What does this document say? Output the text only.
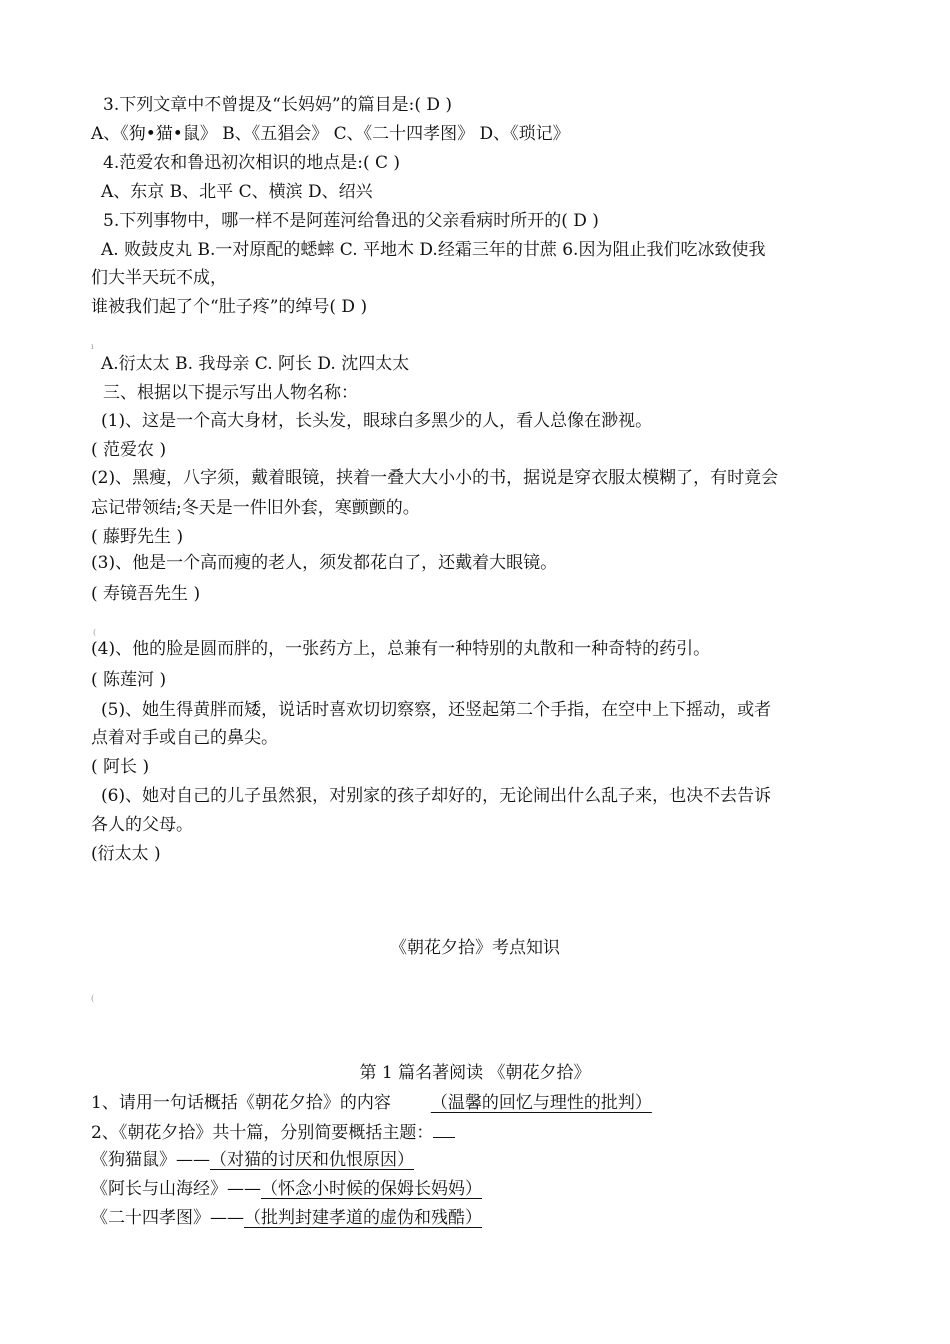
3.下列文章中不曾提及“长妈妈”的篇目是:( D )
A、《狗•猫•鼠》 B、《五猖会》 C、《二十四孝图》 D、《琐记》
4.范爱农和鲁迅初次相识的地点是:( C )
A、东京 B、北平 C、横滨 D、绍兴
5.下列事物中，哪一样不是阿莲河给鲁迅的父亲看病时所开的( D )
A. 败鼓皮丸 B.一对原配的蟋蟀 C. 平地木 D.经霜三年的甘蔗 6.因为阻止我们吃冰致使我
们大半天玩不成，
谁被我们起了个“肚子疼”的绰号( D )
ı
A.衍太太 B. 我母亲 C. 阿长 D. 沈四太太
三、根据以下提示写出人物名称：
(1)、这是一个高大身材，长头发，眼球白多黑少的人，看人总像在渺视。
( 范爱农 )
(2)、黑瘦，八字须，戴着眼镜，挟着一叠大大小小的书，据说是穿衣服太模糊了，有时竟会
忘记带领结;冬天是一件旧外套，寒颤颤的。
( 藤野先生 )
(3)、他是一个高而瘦的老人，须发都花白了，还戴着大眼镜。
( 寿镜吾先生 )
(
(4)、他的脸是圆而胖的，一张药方上，总兼有一种特别的丸散和一种奇特的药引。
( 陈莲河 )
(5)、她生得黄胖而矮，说话时喜欢切切察察，还竖起第二个手指，在空中上下摇动，或者
点着对手或自己的鼻尖。
( 阿长 )
(6)、她对自己的儿子虽然狠，对别家的孩子却好的，无论闹出什么乱子来，也决不去告诉
各人的父母。
(衍太太 )
《朝花夕拾》考点知识
(
第 1 篇名著阅读 《朝花夕拾》
1、请用一句话概括《朝花夕拾》的内容 （温馨的回忆与理性的批判）
2、《朝花夕拾》共十篇，分别简要概括主题：
《狗猫鼠》——（对猫的讨厌和仇恨原因）
《阿长与山海经》——（怀念小时候的保姆长妈妈）
《二十四孝图》——（批判封建孝道的虚伪和残酷）
